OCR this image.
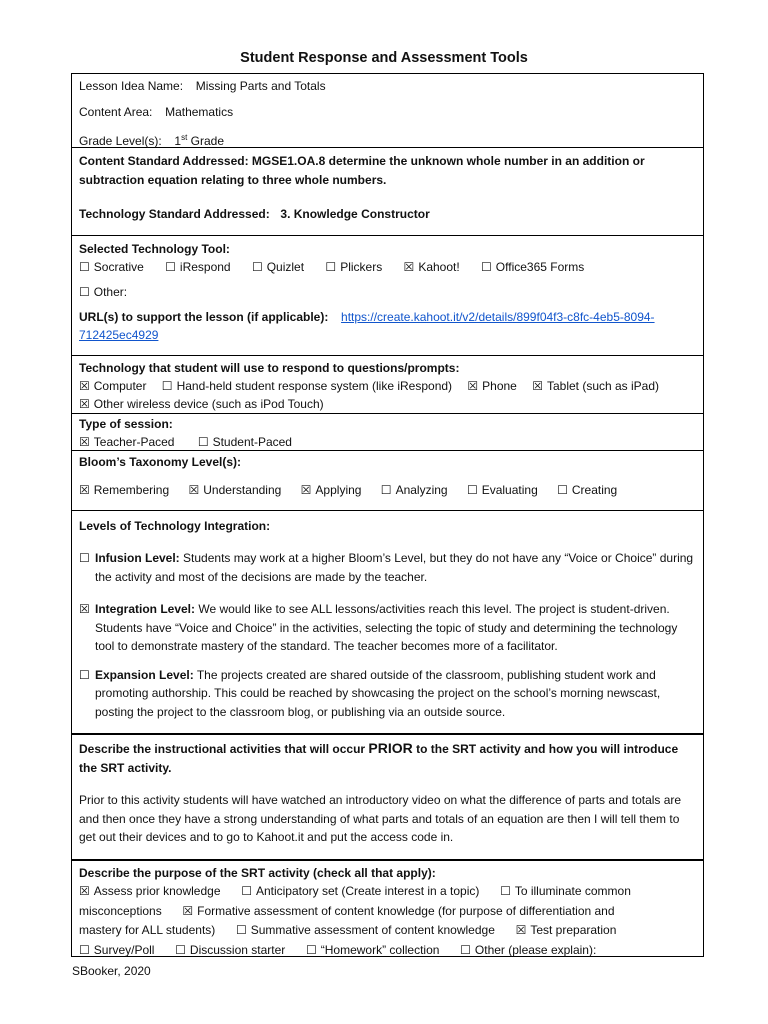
Student Response and Assessment Tools
Lesson Idea Name: Missing Parts and Totals
Content Area: Mathematics
Grade Level(s): 1st Grade
Content Standard Addressed: MGSE1.OA.8 determine the unknown whole number in an addition or subtraction equation relating to three whole numbers.
Technology Standard Addressed: 3. Knowledge Constructor
Selected Technology Tool:
☐ Socrative ☐ iRespond ☐ Quizlet ☐ Plickers ☒ Kahoot! ☐ Office365 Forms
☐ Other:
URL(s) to support the lesson (if applicable): https://create.kahoot.it/v2/details/899f04f3-c8fc-4eb5-8094-
712425ec4929
Technology that student will use to respond to questions/prompts:
☒ Computer ☐ Hand-held student response system (like iRespond) ☒ Phone ☒ Tablet (such as iPad)
☒ Other wireless device (such as iPod Touch)
Type of session:
☒ Teacher-Paced ☐ Student-Paced
Bloom’s Taxonomy Level(s):
☒ Remembering ☒ Understanding ☒ Applying ☐ Analyzing ☐ Evaluating ☐ Creating
Levels of Technology Integration:
☐ Infusion Level: Students may work at a higher Bloom’s Level, but they do not have any “Voice or Choice” during the activity and most of the decisions are made by the teacher.
☒ Integration Level: We would like to see ALL lessons/activities reach this level. The project is student-driven. Students have “Voice and Choice” in the activities, selecting the topic of study and determining the technology tool to demonstrate mastery of the standard. The teacher becomes more of a facilitator.
☐ Expansion Level: The projects created are shared outside of the classroom, publishing student work and promoting authorship. This could be reached by showcasing the project on the school’s morning newscast, posting the project to the classroom blog, or publishing via an outside source.
Describe the instructional activities that will occur PRIOR to the SRT activity and how you will introduce the SRT activity.
Prior to this activity students will have watched an introductory video on what the difference of parts and totals are and then once they have a strong understanding of what parts and totals of an equation are then I will tell them to get out their devices and to go to Kahoot.it and put the access code in.
Describe the purpose of the SRT activity (check all that apply):
☒ Assess prior knowledge ☐ Anticipatory set (Create interest in a topic) ☐ To illuminate common
misconceptions ☒ Formative assessment of content knowledge (for purpose of differentiation and
mastery for ALL students) ☐ Summative assessment of content knowledge ☒ Test preparation
☐ Survey/Poll ☐ Discussion starter ☐ “Homework” collection ☐ Other (please explain):
SBooker, 2020
